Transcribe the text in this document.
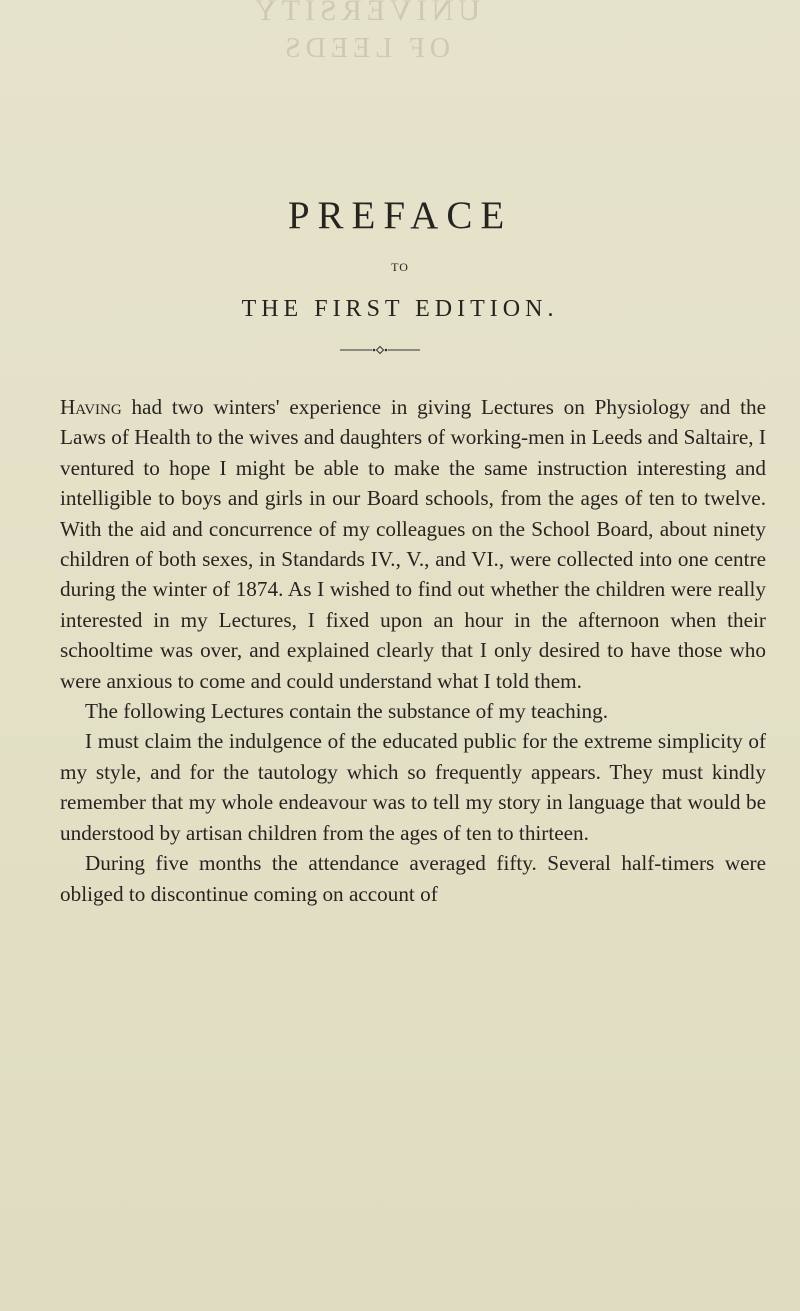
UNIVERSITY
OF LEEDS
PREFACE
TO
THE FIRST EDITION.

Having had two winters' experience in giving Lectures on Physiology and the Laws of Health to the wives and daughters of working-men in Leeds and Saltaire, I ventured to hope I might be able to make the same instruction interesting and intelligible to boys and girls in our Board schools, from the ages of ten to twelve. With the aid and concurrence of my colleagues on the School Board, about ninety children of both sexes, in Standards IV., V., and VI., were collected into one centre during the winter of 1874. As I wished to find out whether the children were really interested in my Lectures, I fixed upon an hour in the afternoon when their schooltime was over, and explained clearly that I only desired to have those who were anxious to come and could understand what I told them.

The following Lectures contain the substance of my teaching.

I must claim the indulgence of the educated public for the extreme simplicity of my style, and for the tautology which so frequently appears. They must kindly remember that my whole endeavour was to tell my story in language that would be understood by artisan children from the ages of ten to thirteen.

During five months the attendance averaged fifty. Several half-timers were obliged to discontinue coming on account of
